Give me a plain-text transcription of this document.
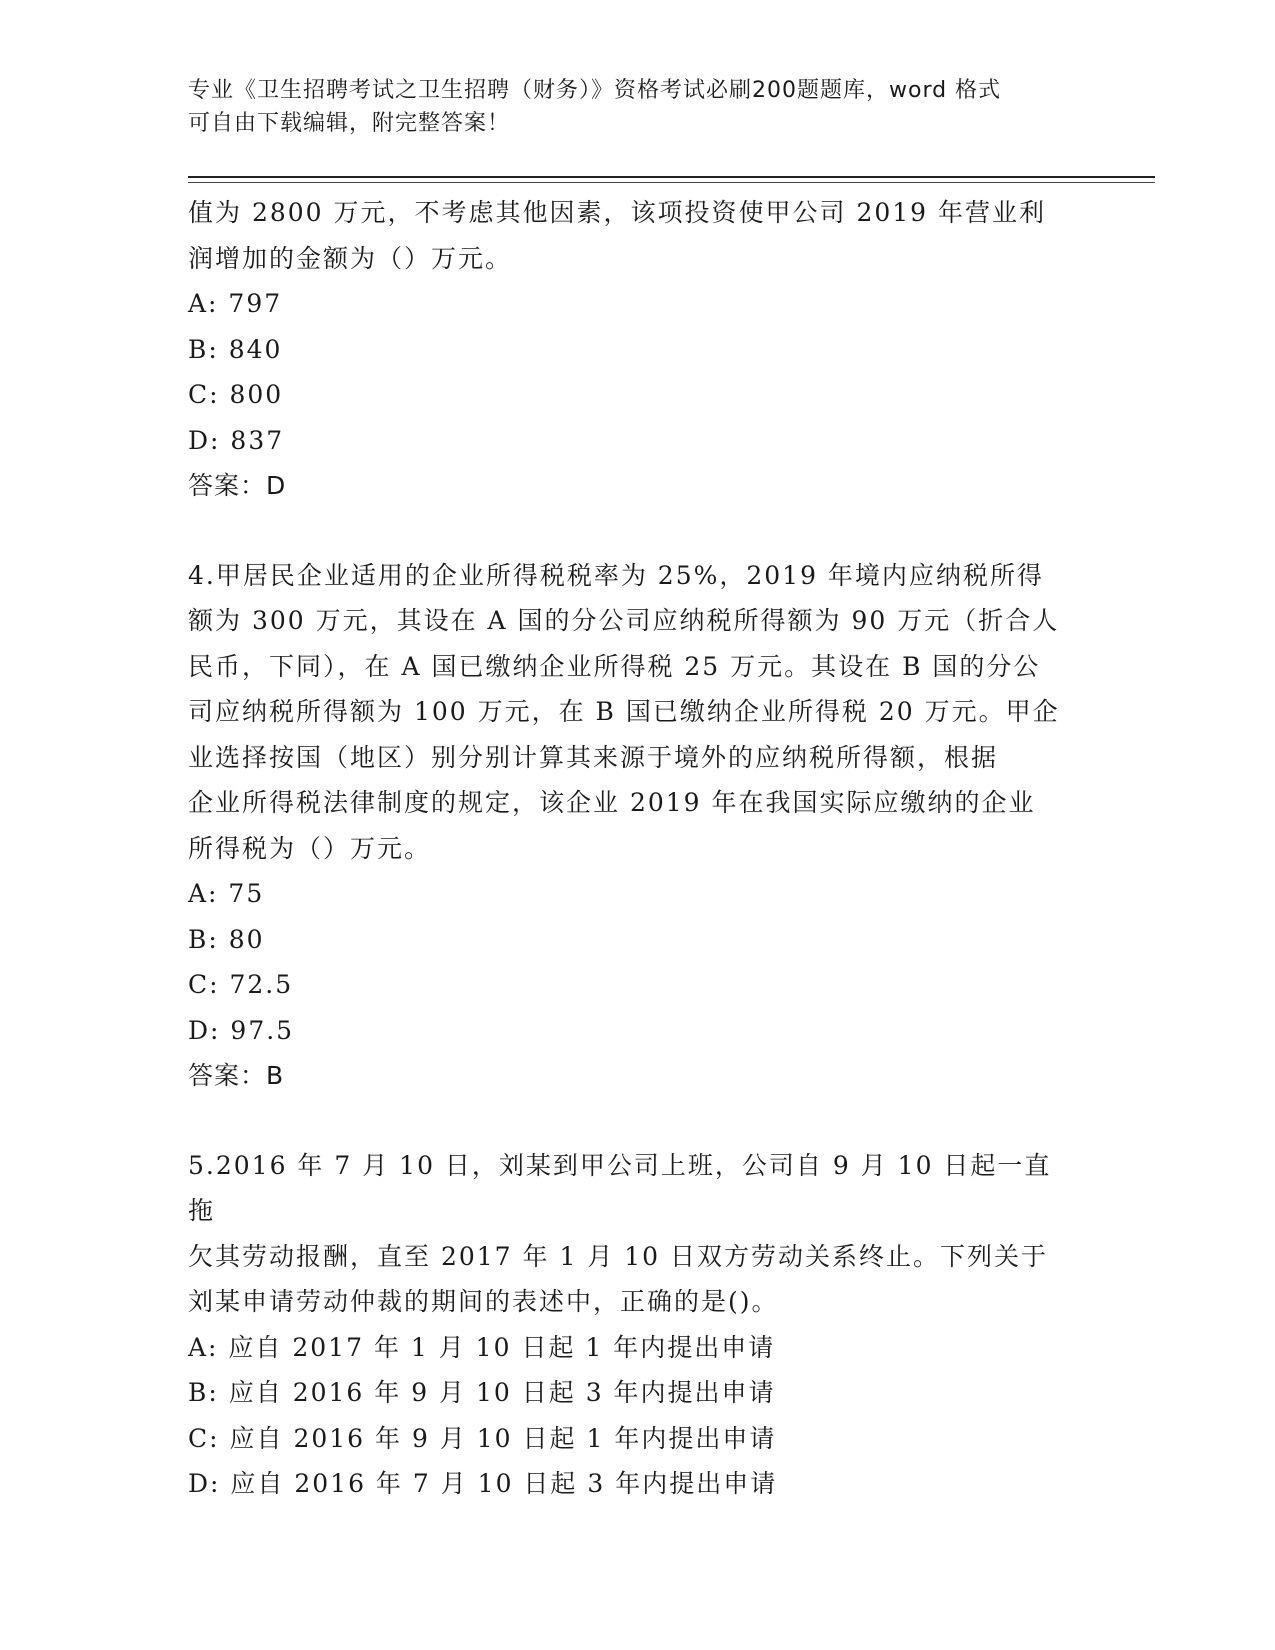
专业《卫生招聘考试之卫生招聘（财务）》资格考试必刷200题题库，word 格式
可自由下载编辑，附完整答案！

值为 2800 万元，不考虑其他因素，该项投资使甲公司 2019 年营业利

润增加的金额为（）万元。

A: 797

B: 840

C: 800

D: 837

答案：D

4.甲居民企业适用的企业所得税税率为 25%，2019 年境内应纳税所得

额为 300 万元，其设在 A 国的分公司应纳税所得额为 90 万元（折合人

民币，下同），在 A 国已缴纳企业所得税 25 万元。其设在 B 国的分公

司应纳税所得额为 100 万元，在 B 国已缴纳企业所得税 20 万元。甲企

业选择按国（地区）别分别计算其来源于境外的应纳税所得额，根据

企业所得税法律制度的规定，该企业 2019 年在我国实际应缴纳的企业

所得税为（）万元。

A: 75

B: 80

C: 72.5

D: 97.5

答案：B

5.2016 年 7 月 10 日，刘某到甲公司上班，公司自 9 月 10 日起一直拖

欠其劳动报酬，直至 2017 年 1 月 10 日双方劳动关系终止。下列关于

刘某申请劳动仲裁的期间的表述中，正确的是()。

A: 应自 2017 年 1 月 10 日起 1 年内提出申请

B: 应自 2016 年 9 月 10 日起 3 年内提出申请

C: 应自 2016 年 9 月 10 日起 1 年内提出申请

D: 应自 2016 年 7 月 10 日起 3 年内提出申请
